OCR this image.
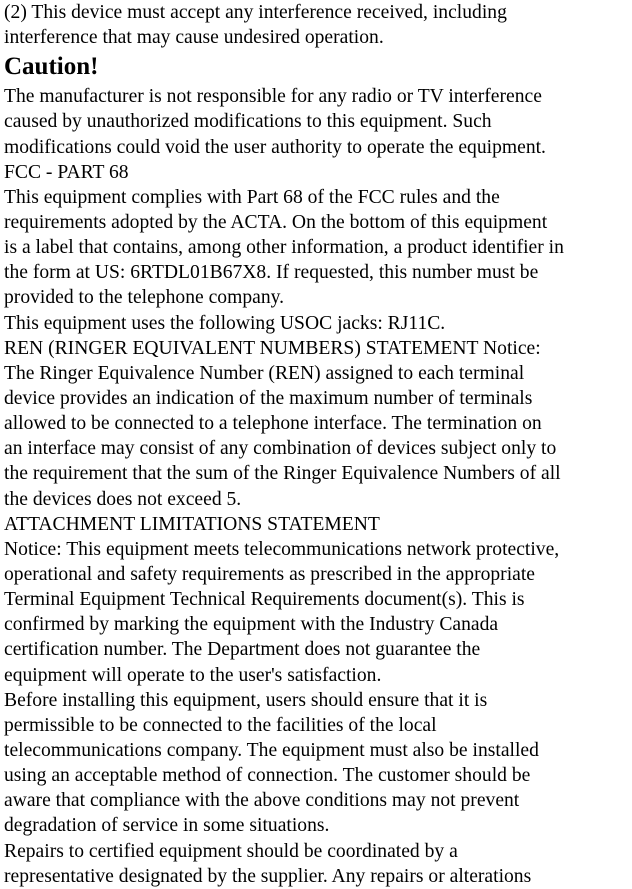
(2) This device must accept any interference received, including
interference that may cause undesired operation.
Caution!
The manufacturer is not responsible for any radio or TV interference
caused by unauthorized modifications to this equipment. Such
modifications could void the user authority to operate the equipment.
FCC - PART 68
This equipment complies with Part 68 of the FCC rules and the
requirements adopted by the ACTA. On the bottom of this equipment
is a label that contains, among other information, a product identifier in
the form at US: 6RTDL01B67X8. If requested, this number must be
provided to the telephone company.
This equipment uses the following USOC jacks: RJ11C.
REN (RINGER EQUIVALENT NUMBERS) STATEMENT Notice:
The Ringer Equivalence Number (REN) assigned to each terminal
device provides an indication of the maximum number of terminals
allowed to be connected to a telephone interface. The termination on
an interface may consist of any combination of devices subject only to
the requirement that the sum of the Ringer Equivalence Numbers of all
the devices does not exceed 5.
ATTACHMENT LIMITATIONS STATEMENT
Notice: This equipment meets telecommunications network protective,
operational and safety requirements as prescribed in the appropriate
Terminal Equipment Technical Requirements document(s). This is
confirmed by marking the equipment with the Industry Canada
certification number. The Department does not guarantee the
equipment will operate to the user's satisfaction.
Before installing this equipment, users should ensure that it is
permissible to be connected to the facilities of the local
telecommunications company. The equipment must also be installed
using an acceptable method of connection. The customer should be
aware that compliance with the above conditions may not prevent
degradation of service in some situations.
Repairs to certified equipment should be coordinated by a
representative designated by the supplier. Any repairs or alterations
